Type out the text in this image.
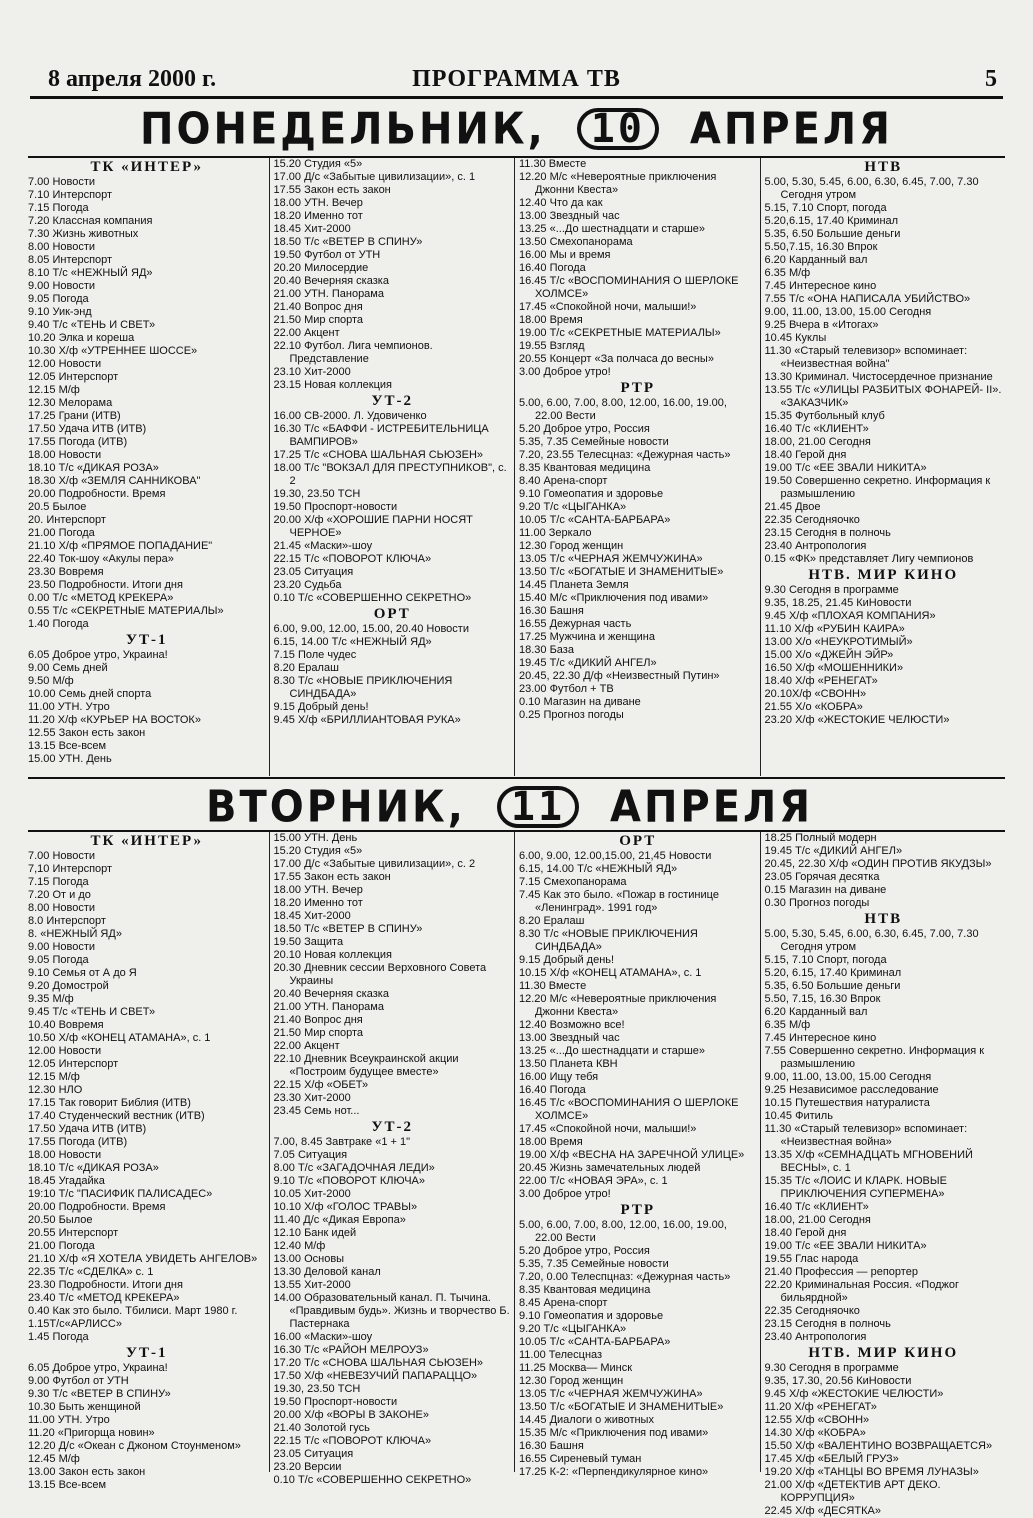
8 апреля 2000 г.	ПРОГРАММА ТВ	5
ПОНЕДЕЛЬНИК, 10 АПРЕЛЯ
ТК «ИНТЕР»
7.00 Новости
7.10 Интерспорт
7.15 Погода
7.20 Классная компания
7.30 Жизнь животных
8.00 Новости
8.05 Интерспорт
8.10 Т/с «НЕЖНЫЙ ЯД»
9.00 Новости
9.05 Погода
9.10 Уик-энд
9.40 Т/с «ТЕНЬ И СВЕТ»
10.20 Элка и кореша
10.30 Х/ф «УТРЕННЕЕ ШОССЕ»
12.00 Новости
12.05 Интерспорт
12.15 М/ф
12.30 Мелорама
17.25 Грани (ИТВ)
17.50 Удача ИТВ (ИТВ)
17.55 Погода (ИТВ)
18.00 Новости
18.10 Т/с «ДИКАЯ РОЗА»
18.30 Х/ф «ЗЕМЛЯ САННИКОВА"
20.00 Подробности. Время
20.5 Былое
20. Интерспорт
21.00 Погода
21.10 Х/ф «ПРЯМОЕ ПОПАДАНИЕ"
22.40 Ток-шоу «Акулы пера»
23.30 Вовремя
23.50 Подробности. Итоги дня
0.00 Т/с «МЕТОД КРЕКЕРА»
0.55 Т/с «СЕКРЕТНЫЕ МАТЕРИАЛЫ»
1.40 Погода
УТ-1
6.05 Доброе утро, Украина!
9.00 Семь дней
9.50 М/ф
10.00 Семь дней спорта
11.00 УТН. Утро
11.20 Х/ф «КУРЬЕР НА ВОСТОК»
12.55 Закон есть закон
13.15 Все-всем
15.00 УТН. День
15.20 Студия «5»
17.00 Д/с «Забытые цивилизации», с. 1
17.55 Закон есть закон
18.00 УТН. Вечер
18.20 Именно тот
18.45 Хит-2000
18.50 Т/с «ВЕТЕР В СПИНУ»
19.50 Футбол от УТН
20.20 Милосердие
20.40 Вечерняя сказка
21.00 УТН. Панорама
21.40 Вопрос дня
21.50 Мир спорта
22.00 Акцент
22.10 Футбол. Лига чемпионов. Представление
23.10 Хит-2000
23.15 Новая коллекция
УТ-2
16.00 СВ-2000. Л. Удовиченко
16.30 Т/с «БАФФИ - ИСТРЕБИТЕЛЬНИЦА ВАМПИРОВ»
17.25 Т/с «СНОВА ШАЛЬНАЯ СЬЮЗЕН»
18.00 Т/с "ВОКЗАЛ ДЛЯ ПРЕСТУПНИКОВ", с. 2
19.30, 23.50 ТСН
19.50 Проспорт-новости
20.00 Х/ф «ХОРОШИЕ ПАРНИ НОСЯТ ЧЕРНОЕ»
21.45 «Маски»-шоу
22.15 Т/с «ПОВОРОТ КЛЮЧА»
23.05 Ситуация
23.20 Судьба
0.10 Т/с «СОВЕРШЕННО СЕКРЕТНО»
ОРТ
6.00, 9.00, 12.00, 15.00, 20.40 Новости
6.15, 14.00 Т/с «НЕЖНЫЙ ЯД»
7.15 Поле чудес
8.20 Ералаш
8.30 Т/с «НОВЫЕ ПРИКЛЮЧЕНИЯ СИНДБАДА»
9.15 Добрый день!
9.45 Х/ф «БРИЛЛИАНТОВАЯ РУКА»
11.30 Вместе
12.20 М/с «Невероятные приключения Джонни Квеста»
12.40 Что да как
13.00 Звездный час
13.25 «...До шестнадцати и старше»
13.50 Смехопанорама
16.00 Мы и время
16.40 Погода
16.45 Т/с «ВОСПОМИНАНИЯ О ШЕРЛОКЕ ХОЛМСЕ»
17.45 «Спокойной ночи, малыши!»
18.00 Время
19.00 Т/с «СЕКРЕТНЫЕ МАТЕРИАЛЫ»
19.55 Взгляд
20.55 Концерт «За полчаса до весны»
3.00 Доброе утро!
РТР
5.00, 6.00, 7.00, 8.00, 12.00, 16.00, 19.00, 22.00 Вести
5.20 Доброе утро, Россия
5.35, 7.35 Семейные новости
7.20, 23.55 Телесцназ: «Дежурная часть»
8.35 Квантовая медицина
8.40 Арена-спорт
9.10 Гомеопатия и здоровье
9.20 Т/с «ЦЫГАНКА»
10.05 Т/с «САНТА-БАРБАРА»
11.00 Зеркало
12.30 Город женщин
13.05 Т/с «ЧЕРНАЯ ЖЕМЧУЖИНА»
13.50 Т/с «БОГАТЫЕ И ЗНАМЕНИТЫЕ»
14.45 Планета Земля
15.40 М/с «Приключения под ивами»
16.30 Башня
16.55 Дежурная часть
17.25 Мужчина и женщина
18.30 База
19.45 Т/с «ДИКИЙ АНГЕЛ»
20.45, 22.30 Д/ф «Неизвестный Путин»
23.00 Футбол + ТВ
0.10 Магазин на диване
0.25 Прогноз погоды
НТВ
5.00, 5.30, 5.45, 6.00, 6.30, 6.45, 7.00, 7.30 Сегодня утром
5.15, 7.10 Спорт, погода
5.20,6.15, 17.40 Криминал
5.35, 6.50 Большие деньги
5.50,7.15, 16.30 Впрок
6.20 Карданный вал
6.35 М/ф
7.45 Интересное кино
7.55 Т/с «ОНА НАПИСАЛА УБИЙСТВО»
9.00, 11.00, 13.00, 15.00 Сегодня
9.25 Вчера в «Итогах»
10.45 Куклы
11.30 «Старый телевизор» вспоминает: «Неизвестная война"
13.30 Криминал. Чистосердечное признание
13.55 Т/с «УЛИЦЫ РАЗБИТЫХ ФОНАРЕЙ- II». «ЗАКАЗЧИК»
15.35 Футбольный клуб
16.40 Т/с «КЛИЕНТ»
18.00, 21.00 Сегодня
18.40 Герой дня
19.00 Т/с «ЕЕ ЗВАЛИ НИКИТА»
19.50 Совершенно секретно. Информация к размышлению
21.45 Двое
22.35 Сегодняочко
23.15 Сегодня в полночь
23.40 Антропология
0.15 «ФК» представляет Лигу чемпионов
НТВ. МИР КИНО
9.30 Сегодня в программе
9.35, 18.25, 21.45 КиНовости
9.45 Х/ф «ПЛОХАЯ КОМПАНИЯ»
11.10 Х/ф «РУБИН КАИРА»
13.00 Х/о «НЕУКРОТИМЫЙ»
15.00 Х/о «ДЖЕЙН ЭЙР»
16.50 Х/ф «МОШЕННИКИ»
18.40 Х/ф «РЕНЕГАТ»
20.10Х/ф «СВОНН»
21.55 Х/о «КОБРА»
23.20 Х/ф «ЖЕСТОКИЕ ЧЕЛЮСТИ»
ВТОРНИК, 11 АПРЕЛЯ
ТК «ИНТЕР»
7.00 Новости
7,10 Интерспорт
7.15 Погода
7.20 От и до
8.00 Новости
8.0 Интерспорт
8. «НЕЖНЫЙ ЯД»
9.00 Новости
9.05 Погода
9.10 Семья от А до Я
9.20 Домострой
9.35 М/ф
9.45 Т/с «ТЕНЬ И СВЕТ»
10.40 Вовремя
10.50 Х/ф «КОНЕЦ АТАМАНА», с. 1
12.00 Новости
12.05 Интерспорт
12.15 М/ф
12.30 НЛО
17.15 Так говорит Библия (ИТВ)
17.40 Студенческий вестник (ИТВ)
17.50 Удача ИТВ (ИТВ)
17.55 Погода (ИТВ)
18.00 Новости
18.10 Т/с «ДИКАЯ РОЗА»
18.45 Угадайка
19:10 Т/с "ПАСИФИК ПАЛИСАДЕС»
20.00 Подробности. Время
20.50 Былое
20.55 Интерспорт
21.00 Погода
21.10 Х/ф «Я ХОТЕЛА УВИДЕТЬ АНГЕЛОВ»
22.35 Т/с «СДЕЛКА» с. 1
23.30 Подробности. Итоги дня
23.40 Т/с «МЕТОД КРЕКЕРА»
0.40 Как это было. Тбилиси. Март 1980 г.
1.15Т/с«АРЛИСС»
1.45 Погода
УТ-1
6.05 Доброе утро, Украина!
9.00 Футбол от УТН
9.30 Т/с «ВЕТЕР В СПИНУ»
10.30 Быть женщиной
11.00 УТН. Утро
11.20 «Пригорща новин»
12.20 Д/с «Океан с Джоном Стоунменом»
12.45 М/ф
13.00 Закон есть закон
13.15 Все-всем
15.00 УТН. День
15.20 Студия «5»
17.00 Д/с «Забытые цивилизации», с. 2
17.55 Закон есть закон
18.00 УТН. Вечер
18.20 Именно тот
18.45 Хит-2000
18.50 Т/с «ВЕТЕР В СПИНУ»
19.50 Защита
20.10 Новая коллекция
20.30 Дневник сессии Верховного Совета Украины
20.40 Вечерняя сказка
21.00 УТН. Панорама
21.40 Вопрос дня
21.50 Мир спорта
22.00 Акцент
22.10 Дневник Всеукраинской акции «Построим будущее вместе»
22.15 Х/ф «ОБЕТ»
23.30 Хит-2000
23.45 Семь нот...
УТ-2
7.00, 8.45 Завтраке «1 + 1"
7.05 Ситуация
8.00 Т/с «ЗАГАДОЧНАЯ ЛЕДИ»
9.10 Т/с «ПОВОРОТ КЛЮЧА»
10.05 Хит-2000
10.10 Х/ф «ГОЛОС ТРАВЫ»
11.40 Д/с «Дикая Европа»
12.10 Банк идей
12.40 М/ф
13.00 Основы
13.30 Деловой канал
13.55 Хит-2000
14.00 Образовательный канал. П. Тычина. «Правдивым будь». Жизнь и творчество Б. Пастернака
16.00 «Маски»-шоу
16.30 Т/с «РАЙОН МЕЛРОУЗ»
17.20 Т/с «СНОВА ШАЛЬНАЯ СЬЮЗЕН»
17.50 Х/ф «НЕВЕЗУЧИЙ ПАПАРАЦЦО»
19.30, 23.50 ТСН
19.50 Проспорт-новости
20.00 Х/ф «ВОРЫ В ЗАКОНЕ»
21.40 Золотой гусь
22.15 Т/с «ПОВОРОТ КЛЮЧА»
23.05 Ситуация
23.20 Версии
0.10 Т/с «СОВЕРШЕННО СЕКРЕТНО»
ОРТ
6.00, 9.00, 12.00,15.00, 21,45 Новости
6.15, 14.00 Т/с «НЕЖНЫЙ ЯД»
7.15 Смехопанорама
7.45 Как это было. «Пожар в гостинице «Ленинград». 1991 год»
8.20 Ералаш
8.30 Т/с «НОВЫЕ ПРИКЛЮЧЕНИЯ СИНДБАДА»
9.15 Добрый день!
10.15 Х/ф «КОНЕЦ АТАМАНА», с. 1
11.30 Вместе
12.20 М/с «Невероятные приключения Джонни Квеста»
12.40 Возможно все!
13.00 Звездный час
13.25 «...До шестнадцати и старше»
13.50 Планета КВН
16.00 Ищу тебя
16.40 Погода
16.45 Т/с «ВОСПОМИНАНИЯ О ШЕРЛОКЕ ХОЛМСЕ»
17.45 «Спокойной ночи, малыши!»
18.00 Время
19.00 Х/ф «ВЕСНА НА ЗАРЕЧНОЙ УЛИЦЕ»
20.45 Жизнь замечательных людей
22.00 Т/с «НОВАЯ ЭРА», с. 1
3.00 Доброе утро!
РТР
5.00, 6.00, 7.00, 8.00, 12.00, 16.00, 19.00, 22.00 Вести
5.20 Доброе утро, Россия
5.35, 7.35 Семейные новости
7.20, 0.00 Телеспцназ: «Дежурная часть»
8.35 Квантовая медицина
8.45 Арена-спорт
9.10 Гомеопатия и здоровье
9.20 Т/с «ЦЫГАНКА»
10.05 Т/с «САНТА-БАРБАРА»
11.00 Телесцназ
11.25 Москва— Минск
12.30 Город женщин
13.05 Т/с «ЧЕРНАЯ ЖЕМЧУЖИНА»
13.50 Т/с «БОГАТЫЕ И ЗНАМЕНИТЫЕ»
14.45 Диалоги о животных
15.35 М/с «Приключения под ивами»
16.30 Башня
16.55 Сиреневый туман
17.25 К-2: «Перпендикулярное кино»
18.25 Полный модерн
19.45 Т/с «ДИКИЙ АНГЕЛ»
20.45, 22.30 Х/ф «ОДИН ПРОТИВ ЯКУДЗЫ»
23.05 Горячая десятка
0.15 Магазин на диване
0.30 Прогноз погоды
НТВ
5.00, 5.30, 5.45, 6.00, 6.30, 6.45, 7.00, 7.30 Сегодня утром
5.15, 7.10 Спорт, погода
5.20, 6.15, 17.40 Криминал
5.35, 6.50 Большие деньги
5.50, 7.15, 16.30 Впрок
6.20 Карданный вал
6.35 М/ф
7.45 Интересное кино
7.55 Совершенно секретно. Информация к размышлению
9.00, 11.00, 13.00, 15.00 Сегодня
9.25 Независимое расследование
10.15 Путешествия натуралиста
10.45 Фитиль
11.30 «Старый телевизор» вспоминает: «Неизвестная война»
13.35 Х/ф «СЕМНАДЦАТЬ МГНОВЕНИЙ ВЕСНЫ», с. 1
15.35 Т/с «ЛОИС И КЛАРК. НОВЫЕ ПРИКЛЮЧЕНИЯ СУПЕРМЕНА»
16.40 Т/с «КЛИЕНТ»
18.00, 21.00 Сегодня
18.40 Герой дня
19.00 Т/с «ЕЕ ЗВАЛИ НИКИТА»
19.55 Глас народа
21.40 Профессия — репортер
22.20 Криминальная Россия. «Поджог бильярдной»
22.35 Сегодняочко
23.15 Сегодня в полночь
23.40 Антропология
НТВ. МИР КИНО
9.30 Сегодня в программе
9.35, 17.30, 20.56 КиНовости
9.45 Х/ф «ЖЕСТОКИЕ ЧЕЛЮСТИ»
11.20 Х/ф «РЕНЕГАТ»
12.55 Х/ф «СВОНН»
14.30 Х/ф «КОБРА»
15.50 Х/ф «ВАЛЕНТИНО ВОЗВРАЩАЕТСЯ»
17.45 Х/ф «БЕЛЫЙ ГРУЗ»
19.20 Х/ф «ТАНЦЫ ВО ВРЕМЯ ЛУНАЗЫ»
21.00 Х/ф «ДЕТЕКТИВ АРТ ДЕКО. КОРРУПЦИЯ»
22.45 Х/ф «ДЕСЯТКА»
